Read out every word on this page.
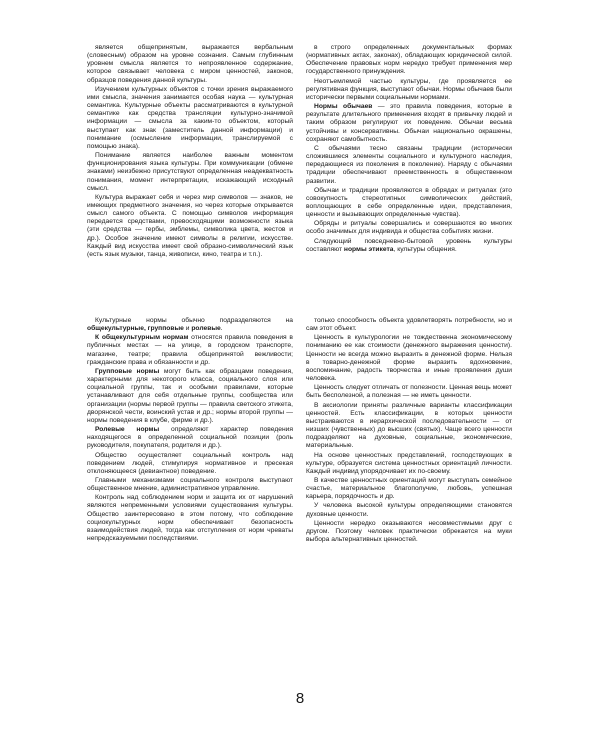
является общепринятым, выражается вербальным (словесным) образом на уровне сознания. Самым глубинным уровнем смысла является то непроявленное содержание, которое связывает человека с миром ценностей, законов, образцов поведения данной культуры.

Изучением культурных объектов с точки зрения выражаемого ими смысла, значения занимается особая наука — культурная семантика. Культурные объекты рассматриваются в культурной семантике как средства трансляции культурно-значимой информации — смысла за каким-то объектом, который выступает как знак (заместитель данной информации) и понимание (осмысление информации, транслируемой с помощью знака).

Понимание является наиболее важным моментом функционирования языка культуры. При коммуникации (обмене знаками) неизбежно присутствуют определенная неадекватность понимания, момент интерпретации, искажающий исходный смысл.

Культура выражает себя и через мир символов — знаков, не имеющих предметного значения, но через которые открывается смысл самого объекта. С помощью символов информация передается средствами, превосходящими возможности языка (эти средства — гербы, эмблемы, символика цвета, жестов и др.). Особое значение имеют символы в религии, искусстве. Каждый вид искусства имеет свой образно-символический язык (есть язык музыки, танца, живописи, кино, театра и т.п.).

в строго определенных документальных формах (нормативных актах, законах), обладающих юридической силой. Обеспечение правовых норм нередко требует применения мер государственного принуждения.

Неотъемлемой частью культуры, где проявляется ее регулятивная функция, выступают обычаи. Нормы обычаев были исторически первыми социальными нормами.

Нормы обычаев — это правила поведения, которые в результате длительного применения входят в привычку людей и таким образом регулируют их поведение. Обычаи весьма устойчивы и консервативны. Обычаи национально окрашены, сохраняют самобытность.

С обычаями тесно связаны традиции (исторически сложившиеся элементы социального и культурного наследия, передающиеся из поколения в поколение). Наряду с обычаями традиции обеспечивают преемственность в общественном развитии.

Обычаи и традиции проявляются в обрядах и ритуалах (это совокупность стереотипных символических действий, воплощающих в себе определенные идеи, представления, ценности и вызывающих определенные чувства).

Обряды и ритуалы совершались и совершаются во многих особо значимых для индивида и общества событиях жизни.

Следующий повседневно-бытовой уровень культуры составляют нормы этикета, культуры общения.

Культурные нормы обычно подразделяются на общекультурные, групповые и ролевые.

К общекультурным нормам относятся правила поведения в публичных местах — на улице, в городском транспорте, магазине, театре; правила общепринятой вежливости; гражданские права и обязанности и др.

Групповые нормы могут быть как образцами поведения, характерными для некоторого класса, социального слоя или социальной группы, так и особыми правилами, которые устанавливают для себя отдельные группы, сообщества или организации (нормы первой группы — правила светского этикета, дворянской чести, воинский устав и др.; нормы второй группы — нормы поведения в клубе, фирме и др.).

Ролевые нормы определяют характер поведения находящегося в определенной социальной позиции (роль руководителя, покупателя, родителя и др.).

Общество осуществляет социальный контроль над поведением людей, стимулируя нормативное и пресекая отклоняющееся (девиантное) поведение.

Главными механизмами социального контроля выступают общественное мнение, административное управление.

Контроль над соблюдением норм и защита их от нарушений являются непременными условиями существования культуры. Общество заинтересовано в этом потому, что соблюдение социокультурных норм обеспечивает безопасность взаимодействия людей, тогда как отступления от норм чреваты непредсказуемыми последствиями.

только способность объекта удовлетворять потребности, но и сам этот объект.

Ценность в культурологии не тождественна экономическому пониманию ее как стоимости (денежного выражения ценности). Ценности не всегда можно выразить в денежной форме. Нельзя в товарно-денежной форме выразить вдохновение, воспоминание, радость творчества и иные проявления души человека.

Ценность следует отличать от полезности. Ценная вещь может быть бесполезной, а полезная — не иметь ценности.

В аксиологии приняты различные варианты классификации ценностей. Есть классификации, в которых ценности выстраиваются в иерархической последовательности — от низших (чувственных) до высших (святых). Чаще всего ценности подразделяют на духовные, социальные, экономические, материальные.

На основе ценностных представлений, господствующих в культуре, образуется система ценностных ориентаций личности. Каждый индивид упорядочивает их по-своему.

В качестве ценностных ориентаций могут выступать семейное счастье, материальное благополучие, любовь, успешная карьера, порядочность и др.

У человека высокой культуры определяющими становятся духовные ценности.

Ценности нередко оказываются несовместимыми друг с другом. Поэтому человек практически обрекается на муки выбора альтернативных ценностей.

8
